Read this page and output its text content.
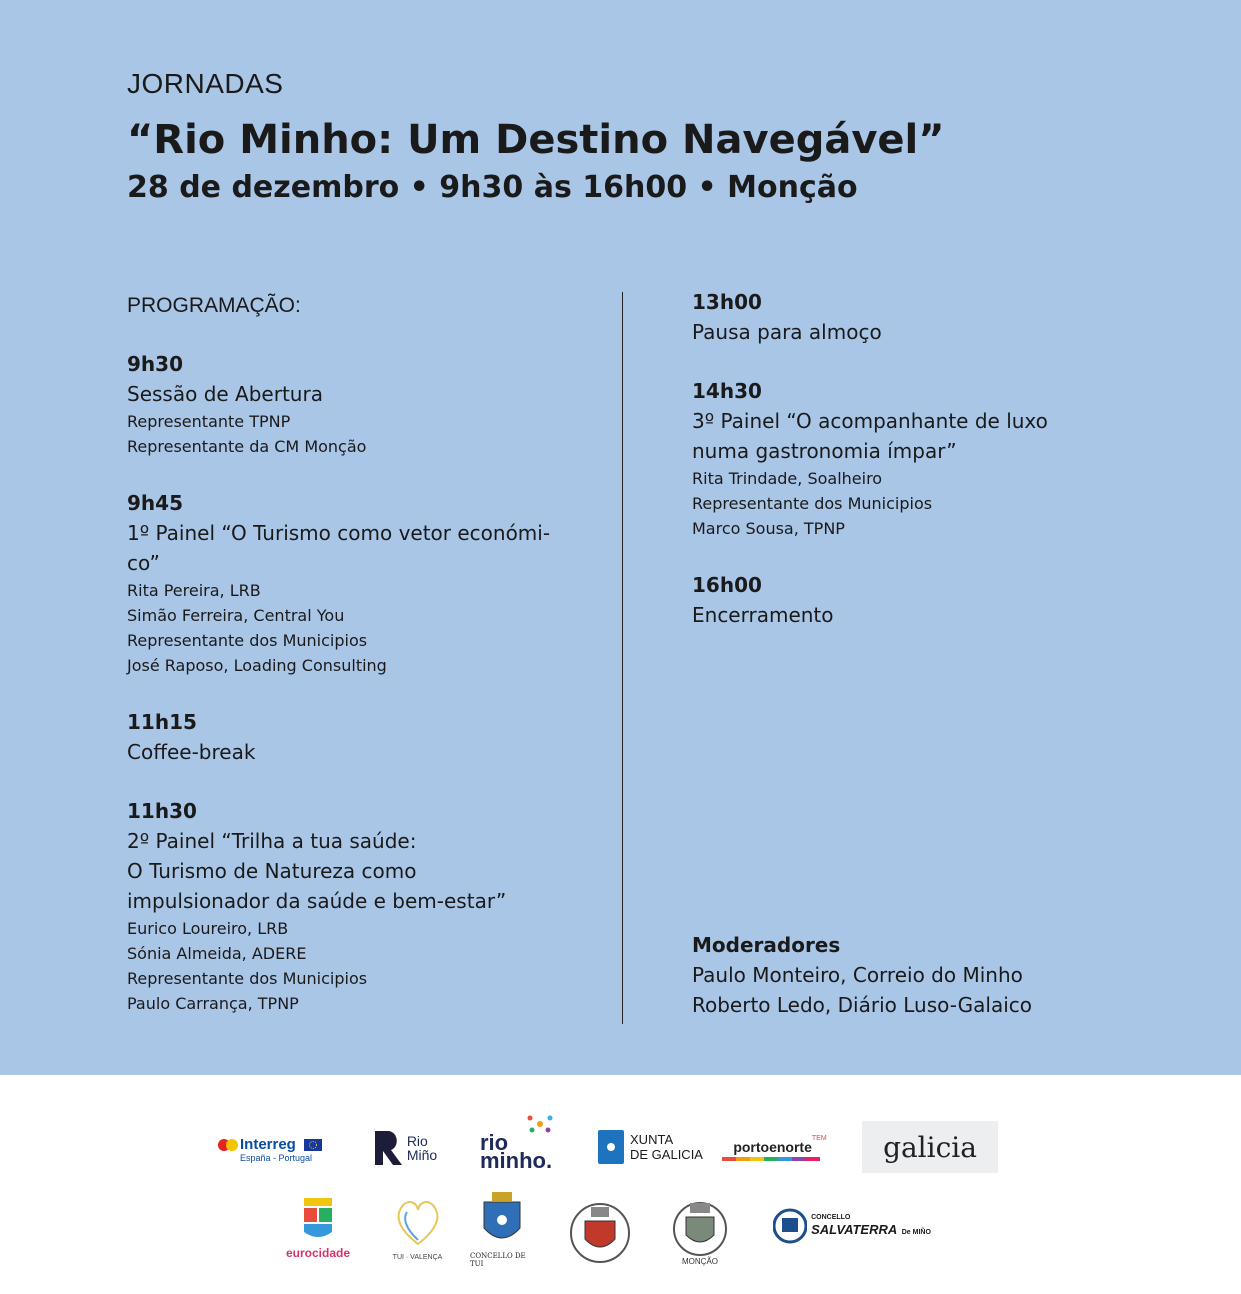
JORNADAS

“Rio Minho: Um Destino Navegável”

28 de dezembro • 9h30 às 16h00 • Monção

PROGRAMAÇÃO:

9h30
Sessão de Abertura
Representante TPNP
Representante da CM Monção
9h45
1º Painel “O Turismo como vetor económi-
co”
Rita Pereira, LRB
Simão Ferreira, Central You
Representante dos Municipios
José Raposo, Loading Consulting
11h15
Coffee-break
11h30
2º Painel “Trilha a tua saúde:
O Turismo de Natureza como
impulsionador da saúde e bem-estar”
Eurico Loureiro, LRB
Sónia Almeida, ADERE
Representante dos Municipios
Paulo Carrança, TPNP
13h00
Pausa para almoço
14h30
3º Painel “O acompanhante de luxo
numa gastronomia ímpar”
Rita Trindade, Soalheiro
Representante dos Municipios
Marco Sousa, TPNP
16h00
Encerramento
Moderadores
Paulo Monteiro, Correio do Minho
Roberto Ledo, Diário Luso-Galaico
Interreg
España - Portugal
Rio
Miño rio
minho.
XUNTA
DE GALICIA portoenorte
TEM galicia
eurocidade	TUI · VALENÇA	CONCELLO DE TUI	MONÇÃO
CONCELLO
SALVATERRA De MIÑO
